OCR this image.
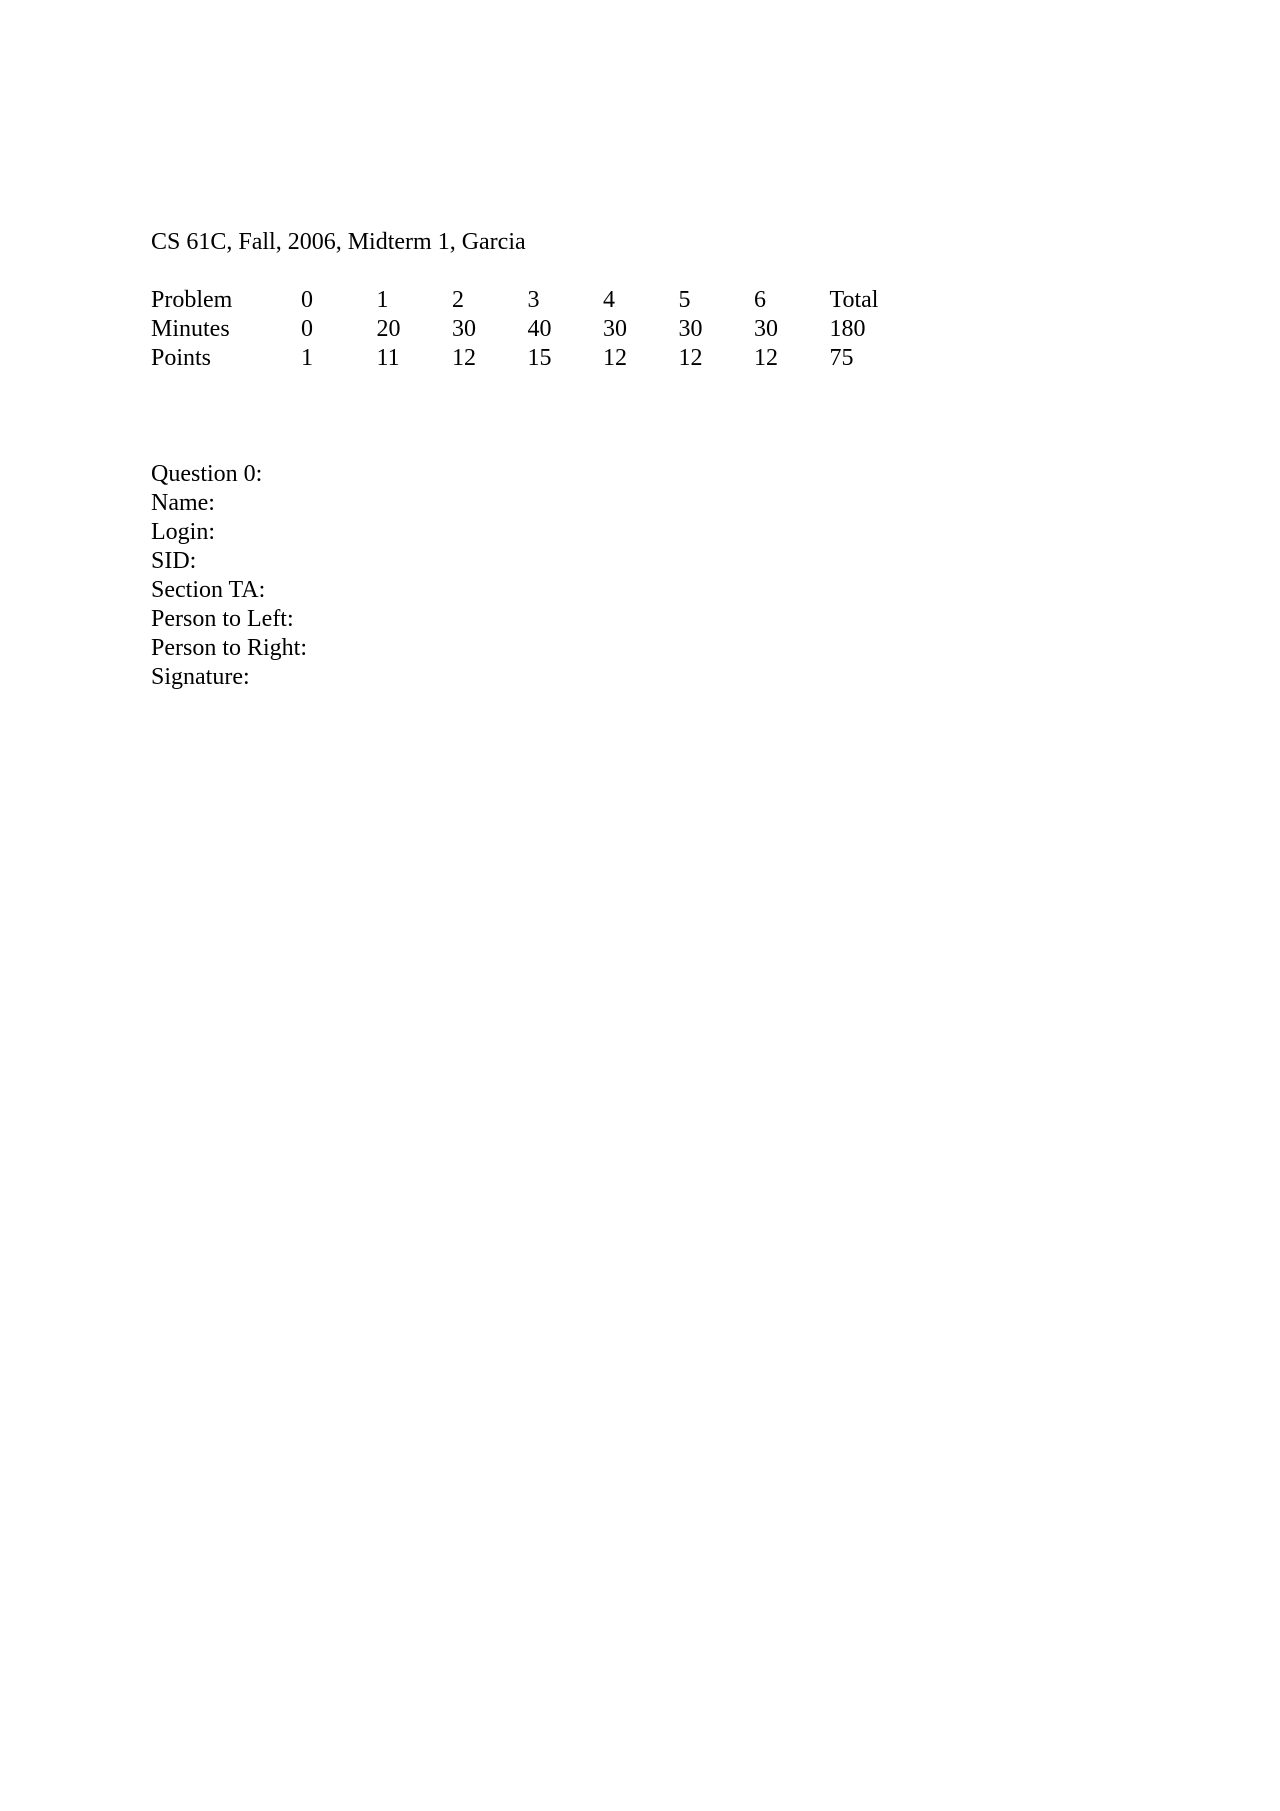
CS 61C, Fall, 2006, Midterm 1, Garcia
Problem	0	1	2	3	4	5	6	Total
Minutes	0	20	30	40	30	30	30	180
Points	1	11	12	15	12	12	12	75
Question 0:
Name:
Login:
SID:
Section TA:
Person to Left:
Person to Right:
Signature:
